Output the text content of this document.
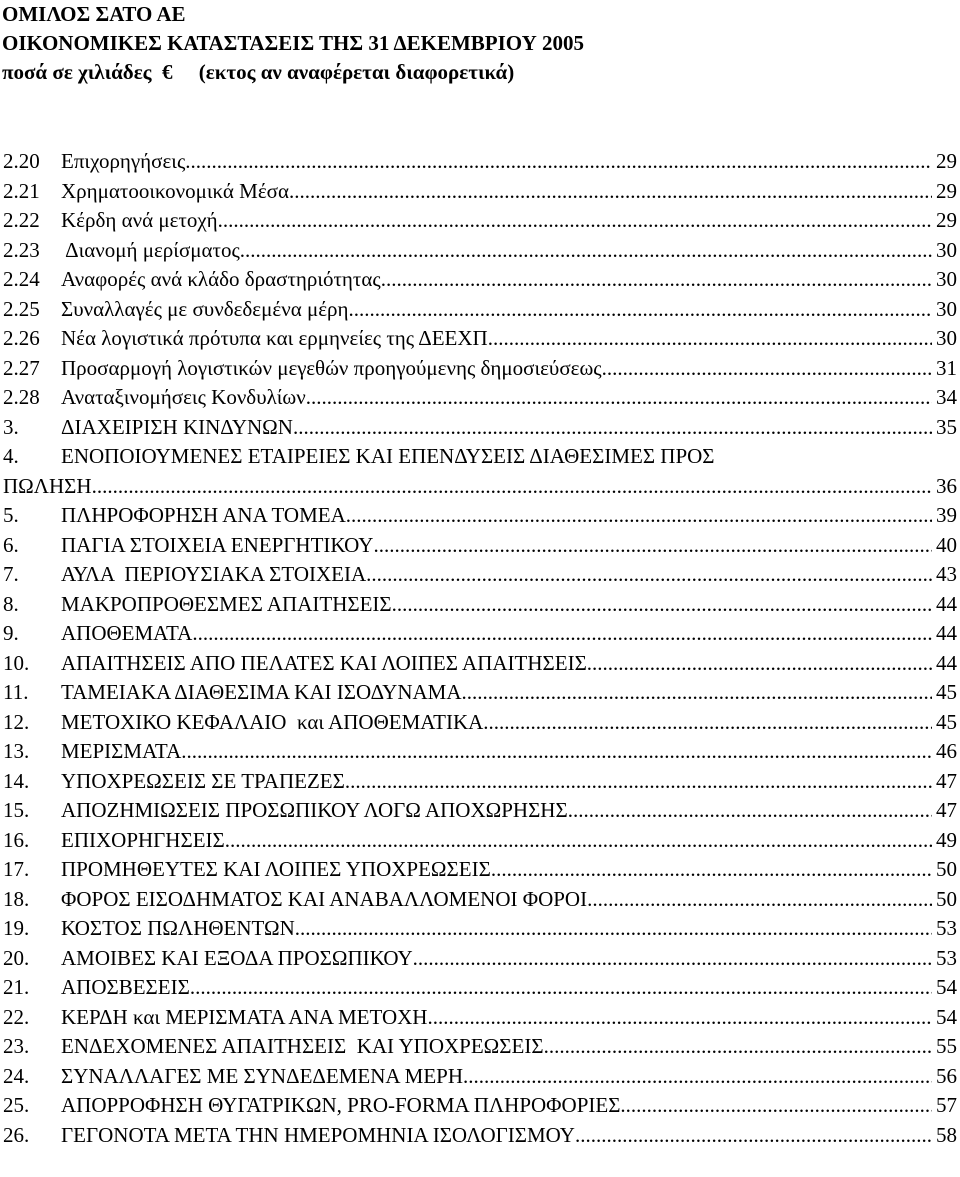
ΟΜΙΛΟΣ ΣΑΤΟ ΑΕ
ΟΙΚΟΝΟΜΙΚΕΣ ΚΑΤΑΣΤΑΣΕΙΣ ΤΗΣ 31 ΔΕΚΕΜΒΡΙΟΥ 2005
ποσά σε χιλιάδες  €     (εκτος αν αναφέρεται διαφορετικά)
2.20 Επιχορηγήσεις .....	29
2.21 Χρηματοοικονομικά Μέσα .....	29
2.22 Κέρδη ανά μετοχή .....	29
2.23 Διανομή μερίσματος .....	30
2.24 Αναφορές ανά κλάδο δραστηριότητας .....	30
2.25 Συναλλαγές με συνδεδεμένα μέρη .....	30
2.26 Νέα λογιστικά πρότυπα και ερμηνείες της ΔΕΕΧΠ .....	30
2.27 Προσαρμογή λογιστικών μεγεθών προηγούμενης δημοσιεύσεως .....	31
2.28 Αναταξινομήσεις Κονδυλίων .....	34
3. ΔΙΑΧΕΙΡΙΣΗ ΚΙΝΔΥΝΩΝ .....	35
4. ΕΝΟΠΟΙΟΥΜΕΝΕΣ ΕΤΑΙΡΕΙΕΣ ΚΑΙ ΕΠΕΝΔΥΣΕΙΣ ΔΙΑΘΕΣΙΜΕΣ ΠΡΟΣ
ΠΩΛΗΣΗ .....	36
5. ΠΛΗΡΟΦΟΡΗΣΗ ΑΝΑ ΤΟΜΕΑ .....	39
6. ΠΑΓΙΑ ΣΤΟΙΧΕΙΑ ΕΝΕΡΓΗΤΙΚΟΥ .....	40
7. ΑΥΛΑ  ΠΕΡΙΟΥΣΙΑΚΑ ΣΤΟΙΧΕΙΑ .....	43
8. ΜΑΚΡΟΠΡΟΘΕΣΜΕΣ ΑΠΑΙΤΗΣΕΙΣ .....	44
9. ΑΠΟΘΕΜΑΤΑ .....	44
10. ΑΠΑΙΤΗΣΕΙΣ ΑΠΟ ΠΕΛΑΤΕΣ ΚΑΙ ΛΟΙΠΕΣ ΑΠΑΙΤΗΣΕΙΣ .....	44
11. ΤΑΜΕΙΑΚΑ ΔΙΑΘΕΣΙΜΑ ΚΑΙ ΙΣΟΔΥΝΑΜΑ .....	45
12. ΜΕΤΟΧΙΚΟ ΚΕΦΑΛΑΙΟ  και ΑΠΟΘΕΜΑΤΙΚΑ .....	45
13. ΜΕΡΙΣΜΑΤΑ .....	46
14. ΥΠΟΧΡΕΩΣΕΙΣ ΣΕ ΤΡΑΠΕΖΕΣ .....	47
15. ΑΠΟΖΗΜΙΩΣΕΙΣ ΠΡΟΣΩΠΙΚΟΥ ΛΟΓΩ ΑΠΟΧΩΡΗΣΗΣ .....	47
16. ΕΠΙΧΟΡΗΓΗΣΕΙΣ .....	49
17. ΠΡΟΜΗΘΕΥΤΕΣ ΚΑΙ ΛΟΙΠΕΣ ΥΠΟΧΡΕΩΣΕΙΣ .....	50
18. ΦΟΡΟΣ ΕΙΣΟΔΗΜΑΤΟΣ ΚΑΙ ΑΝΑΒΑΛΛΟΜΕΝΟΙ ΦΟΡΟΙ .....	50
19. ΚΟΣΤΟΣ ΠΩΛΗΘΕΝΤΩΝ .....	53
20. ΑΜΟΙΒΕΣ ΚΑΙ ΕΞΟΔΑ ΠΡΟΣΩΠΙΚΟΥ .....	53
21. ΑΠΟΣΒΕΣΕΙΣ .....	54
22. ΚΕΡΔΗ και ΜΕΡΙΣΜΑΤΑ ΑΝΑ ΜΕΤΟΧΗ .....	54
23. ΕΝΔΕΧΟΜΕΝΕΣ ΑΠΑΙΤΗΣΕΙΣ  ΚΑΙ ΥΠΟΧΡΕΩΣΕΙΣ .....	55
24. ΣΥΝΑΛΛΑΓΕΣ ΜΕ ΣΥΝΔΕΔΕΜΕΝΑ ΜΕΡΗ .....	56
25. ΑΠΟΡΡΟΦΗΣΗ ΘΥΓΑΤΡΙΚΩΝ, PRO-FORMA ΠΛΗΡΟΦΟΡΙΕΣ .....	57
26. ΓΕΓΟΝΟΤΑ ΜΕΤΑ ΤΗΝ ΗΜΕΡΟΜΗΝΙΑ ΙΣΟΛΟΓΙΣΜΟΥ .....	58
